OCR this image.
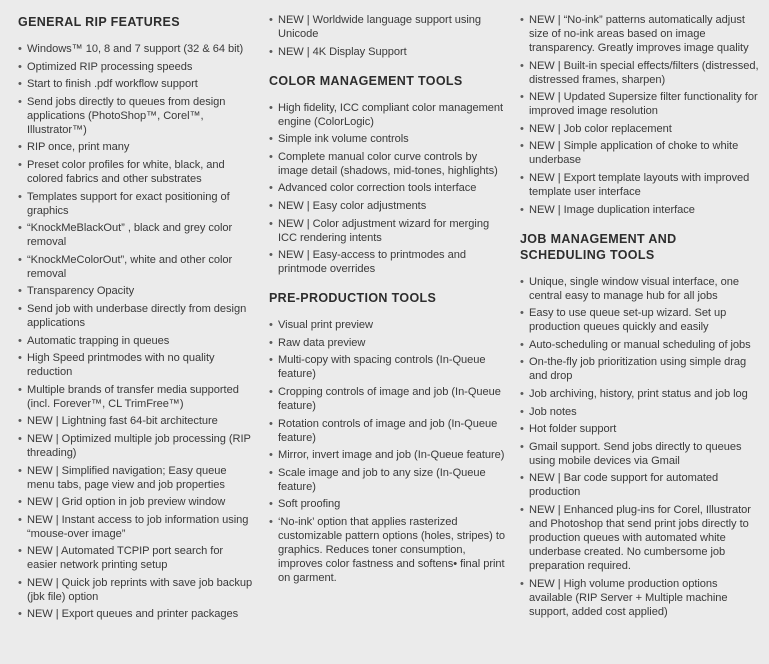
GENERAL RIP FEATURES
• Windows™ 10, 8 and 7 support (32 & 64 bit)
• Optimized RIP processing speeds
• Start to finish .pdf workflow support
• Send jobs directly to queues from design applications (PhotoShop™, Corel™, Illustrator™)
• RIP once, print many
• Preset color profiles for white, black, and colored fabrics and other substrates
• Templates support for exact positioning of graphics
• “KnockMeBlackOut” , black and grey color removal
• “KnockMeColorOut”, white and other color removal
• Transparency Opacity
• Send job with underbase directly from design applications
• Automatic trapping in queues
• High Speed printmodes with no quality reduction
• Multiple brands of transfer media supported (incl. Forever™, CL TrimFree™)
• NEW | Lightning fast 64-bit architecture
• NEW | Optimized multiple job processing (RIP threading)
• NEW | Simplified navigation; Easy queue menu tabs, page view and job properties
• NEW | Grid option in job preview window
• NEW | Instant access to job information using “mouse-over image”
• NEW | Automated TCPIP port search for easier network printing setup
• NEW | Quick job reprints with save job backup (jbk file) option
• NEW | Export queues and printer packages
• NEW | Worldwide language support using Unicode
• NEW | 4K Display Support
COLOR MANAGEMENT TOOLS
• High fidelity, ICC compliant color management engine (ColorLogic)
• Simple ink volume controls
• Complete manual color curve controls by image detail (shadows, mid-tones, highlights)
• Advanced color correction tools interface
• NEW | Easy color adjustments
• NEW | Color adjustment wizard for merging ICC rendering intents
• NEW | Easy-access to printmodes and printmode overrides
PRE-PRODUCTION TOOLS
• Visual print preview
• Raw data preview
• Multi-copy with spacing controls (In-Queue feature)
• Cropping controls of image and job (In-Queue feature)
• Rotation controls of image and job (In-Queue feature)
• Mirror, invert image and job (In-Queue feature)
• Scale image and job to any size (In-Queue feature)
• Soft proofing
• ‘No-ink’ option that applies rasterized customizable pattern options (holes, stripes) to graphics. Reduces toner consumption, improves color fastness and softens• final print on garment.
• NEW | “No-ink” patterns automatically adjust size of no-ink areas based on image transparency. Greatly improves image quality
• NEW | Built-in special effects/filters (distressed, distressed frames, sharpen)
• NEW | Updated Supersize filter functionality for improved image resolution
• NEW | Job color replacement
• NEW | Simple application of choke to white underbase
• NEW | Export template layouts with improved template user interface
• NEW | Image duplication interface
JOB MANAGEMENT AND SCHEDULING TOOLS
• Unique, single window visual interface, one central easy to manage hub for all jobs
• Easy to use queue set-up wizard. Set up production queues quickly and easily
• Auto-scheduling or manual scheduling of jobs
• On-the-fly job prioritization using simple drag and drop
• Job archiving, history, print status and job log
• Job notes
• Hot folder support
• Gmail support. Send jobs directly to queues using mobile devices via Gmail
• NEW | Bar code support for automated production
• NEW | Enhanced plug-ins for Corel, Illustrator and Photoshop that send print jobs directly to production queues with automated white underbase created. No cumbersome job preparation required.
• NEW | High volume production options available (RIP Server + Multiple machine support, added cost applied)
